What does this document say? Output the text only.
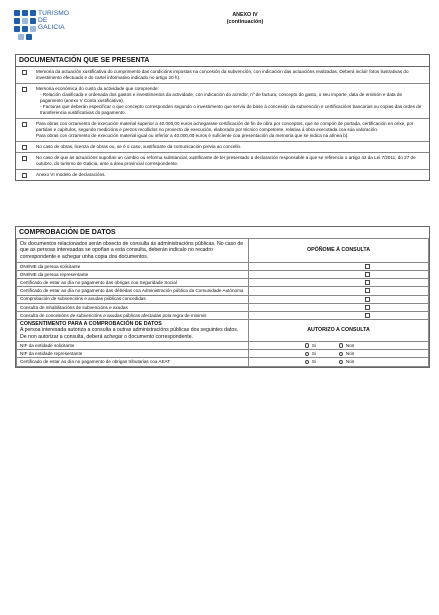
TURISMO
DE
GALICIA
ANEXO IV
(continuación)
DOCUMENTACIÓN QUE SE PRESENTA
Memoria da actuación xustificativa do cumprimento das condicións impostas na concesión da subvención, con indicación das actuacións realizadas. Deberá incluír fotos ilustrativas do investimento efectuado e do cartel informativo indicado no artigo 20 h).
Memoria económica do custo da actividade que comprende:
- Relación clasificada e ordenada dos gastos e investimentos da actividade, con indicación do acredor, nº de factura, concepto do gasto, o seu importe, data de emisión e data de pagamento (anexo V Conta xustificativa).
- Facturas que deberán especificar o que concepto corresponden segundo o investimento que serviu de base á concesión da subvención e certificacións bancarias ou copias das ordes de transferencia xustificativas do pagamento.
Para obras con orzamento de execución material superior a 40.000,00 euros achegarase certificación de fin de obra por conceptos, que se compón de portada, certificación en orixe, por partidas e capítulos, segundo medicións e prezos recollidos no proxecto de execución, elaborado por técnico competente, relativa á obra executada coa súa valoración.
Para obras con orzamento de execución material igual ou inferior a 40.000,00 euros é suficiente coa presentación da memoria que se indica na alínea b).
No caso de obras, licenza de obras ou, se é o caso, xustificante da comunicación previa ao concello.
No caso de que as actuacións supoñan un cambio ou reforma substancial, xustificante de ter presentado a declaración responsable a que se refirencia o artigo 42 da Lei 7/2011, do 27 de outubro, do turismo de Galicia, ante a área provincial correspondente.
Anexo VI modelo de declaracións.
COMPROBACIÓN DE DATOS
Os documentos relacionados serán obxecto de consulta ás administracións públicas. No caso de que as persoas interesadas se opoñan a esta consulta, deberán indicalo no recadro correspondente e achegar unha copia dos documentos.	OPÓÑOME Á CONSULTA
DNI/NIE da persoa solicitante	
DNI/NIE da persoa representante	
Certificado de estar ao día no pagamento das obrigas coa Seguridade Social	
Certificado de estar ao día no pagamento das débedas coa Administración pública da Comunidade Autónoma	
Comprobación de subvencións e axudas públicas concedidas	
Consulta de inhabilitacións de subvencións e axudas	
Consulta de concesións de subvencións e axudas públicas afectadas pola regra de minimis	

CONSENTIMENTO PARA A COMPROBACIÓN DE DATOS
A persoa interesada autoriza a consulta a outras administracións públicas dos seguintes datos. De non autorizar a consulta, deberá achegar o documento correspondente.	AUTORIZO A CONSULTA
NIF da entidade solicitante	Si Non
NIF da entidade representante	Si Non
Certificado de estar ao día no pagamento de obrigas tributarias coa AEAT	Si Non
